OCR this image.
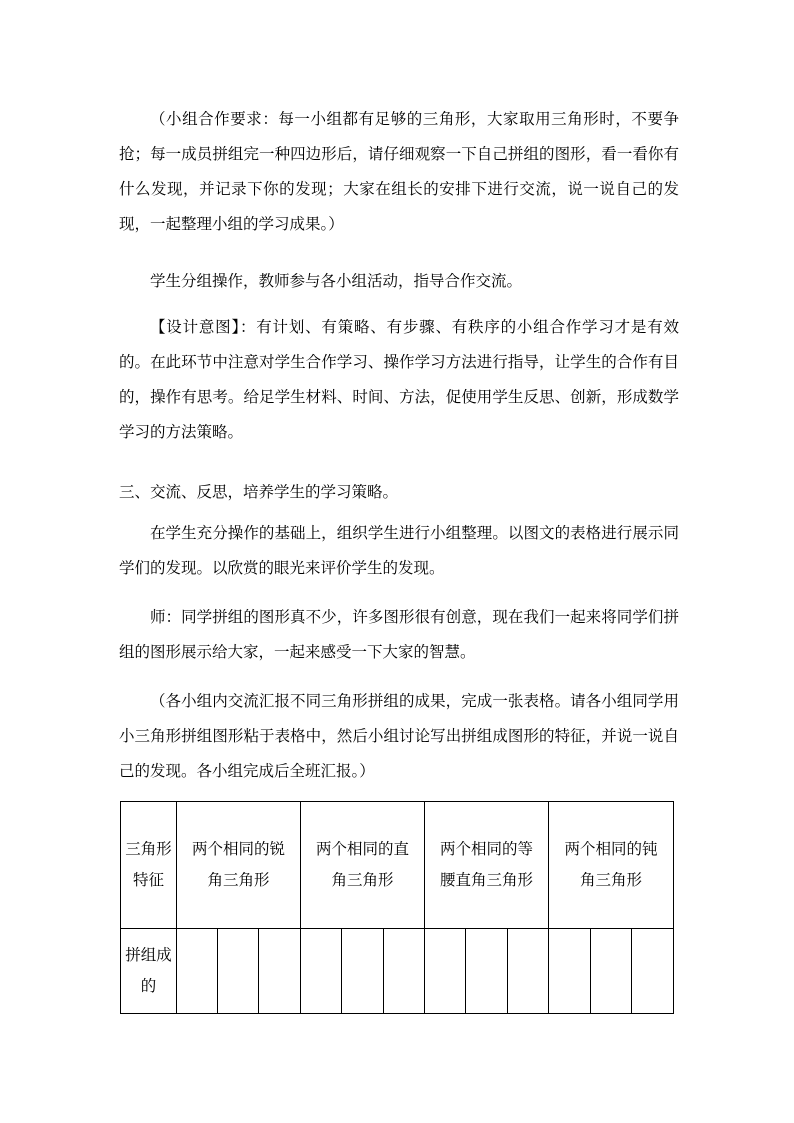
（小组合作要求：每一小组都有足够的三角形，大家取用三角形时，不要争抢；每一成员拼组完一种四边形后，请仔细观察一下自己拼组的图形，看一看你有什么发现，并记录下你的发现；大家在组长的安排下进行交流，说一说自己的发现，一起整理小组的学习成果。）

学生分组操作，教师参与各小组活动，指导合作交流。

【设计意图】：有计划、有策略、有步骤、有秩序的小组合作学习才是有效的。在此环节中注意对学生合作学习、操作学习方法进行指导，让学生的合作有目的，操作有思考。给足学生材料、时间、方法，促使用学生反思、创新，形成数学学习的方法策略。

三、交流、反思，培养学生的学习策略。

在学生充分操作的基础上，组织学生进行小组整理。以图文的表格进行展示同学们的发现。以欣赏的眼光来评价学生的发现。

师：同学拼组的图形真不少，许多图形很有创意，现在我们一起来将同学们拼组的图形展示给大家，一起来感受一下大家的智慧。

（各小组内交流汇报不同三角形拼组的成果，完成一张表格。请各小组同学用小三角形拼组图形粘于表格中，然后小组讨论写出拼组成图形的特征，并说一说自己的发现。各小组完成后全班汇报。）

三角形特征	两个相同的锐角三角形			两个相同的直角三角形			两个相同的等腰直角三角形			两个相同的钝角三角形		

拼组成的												
